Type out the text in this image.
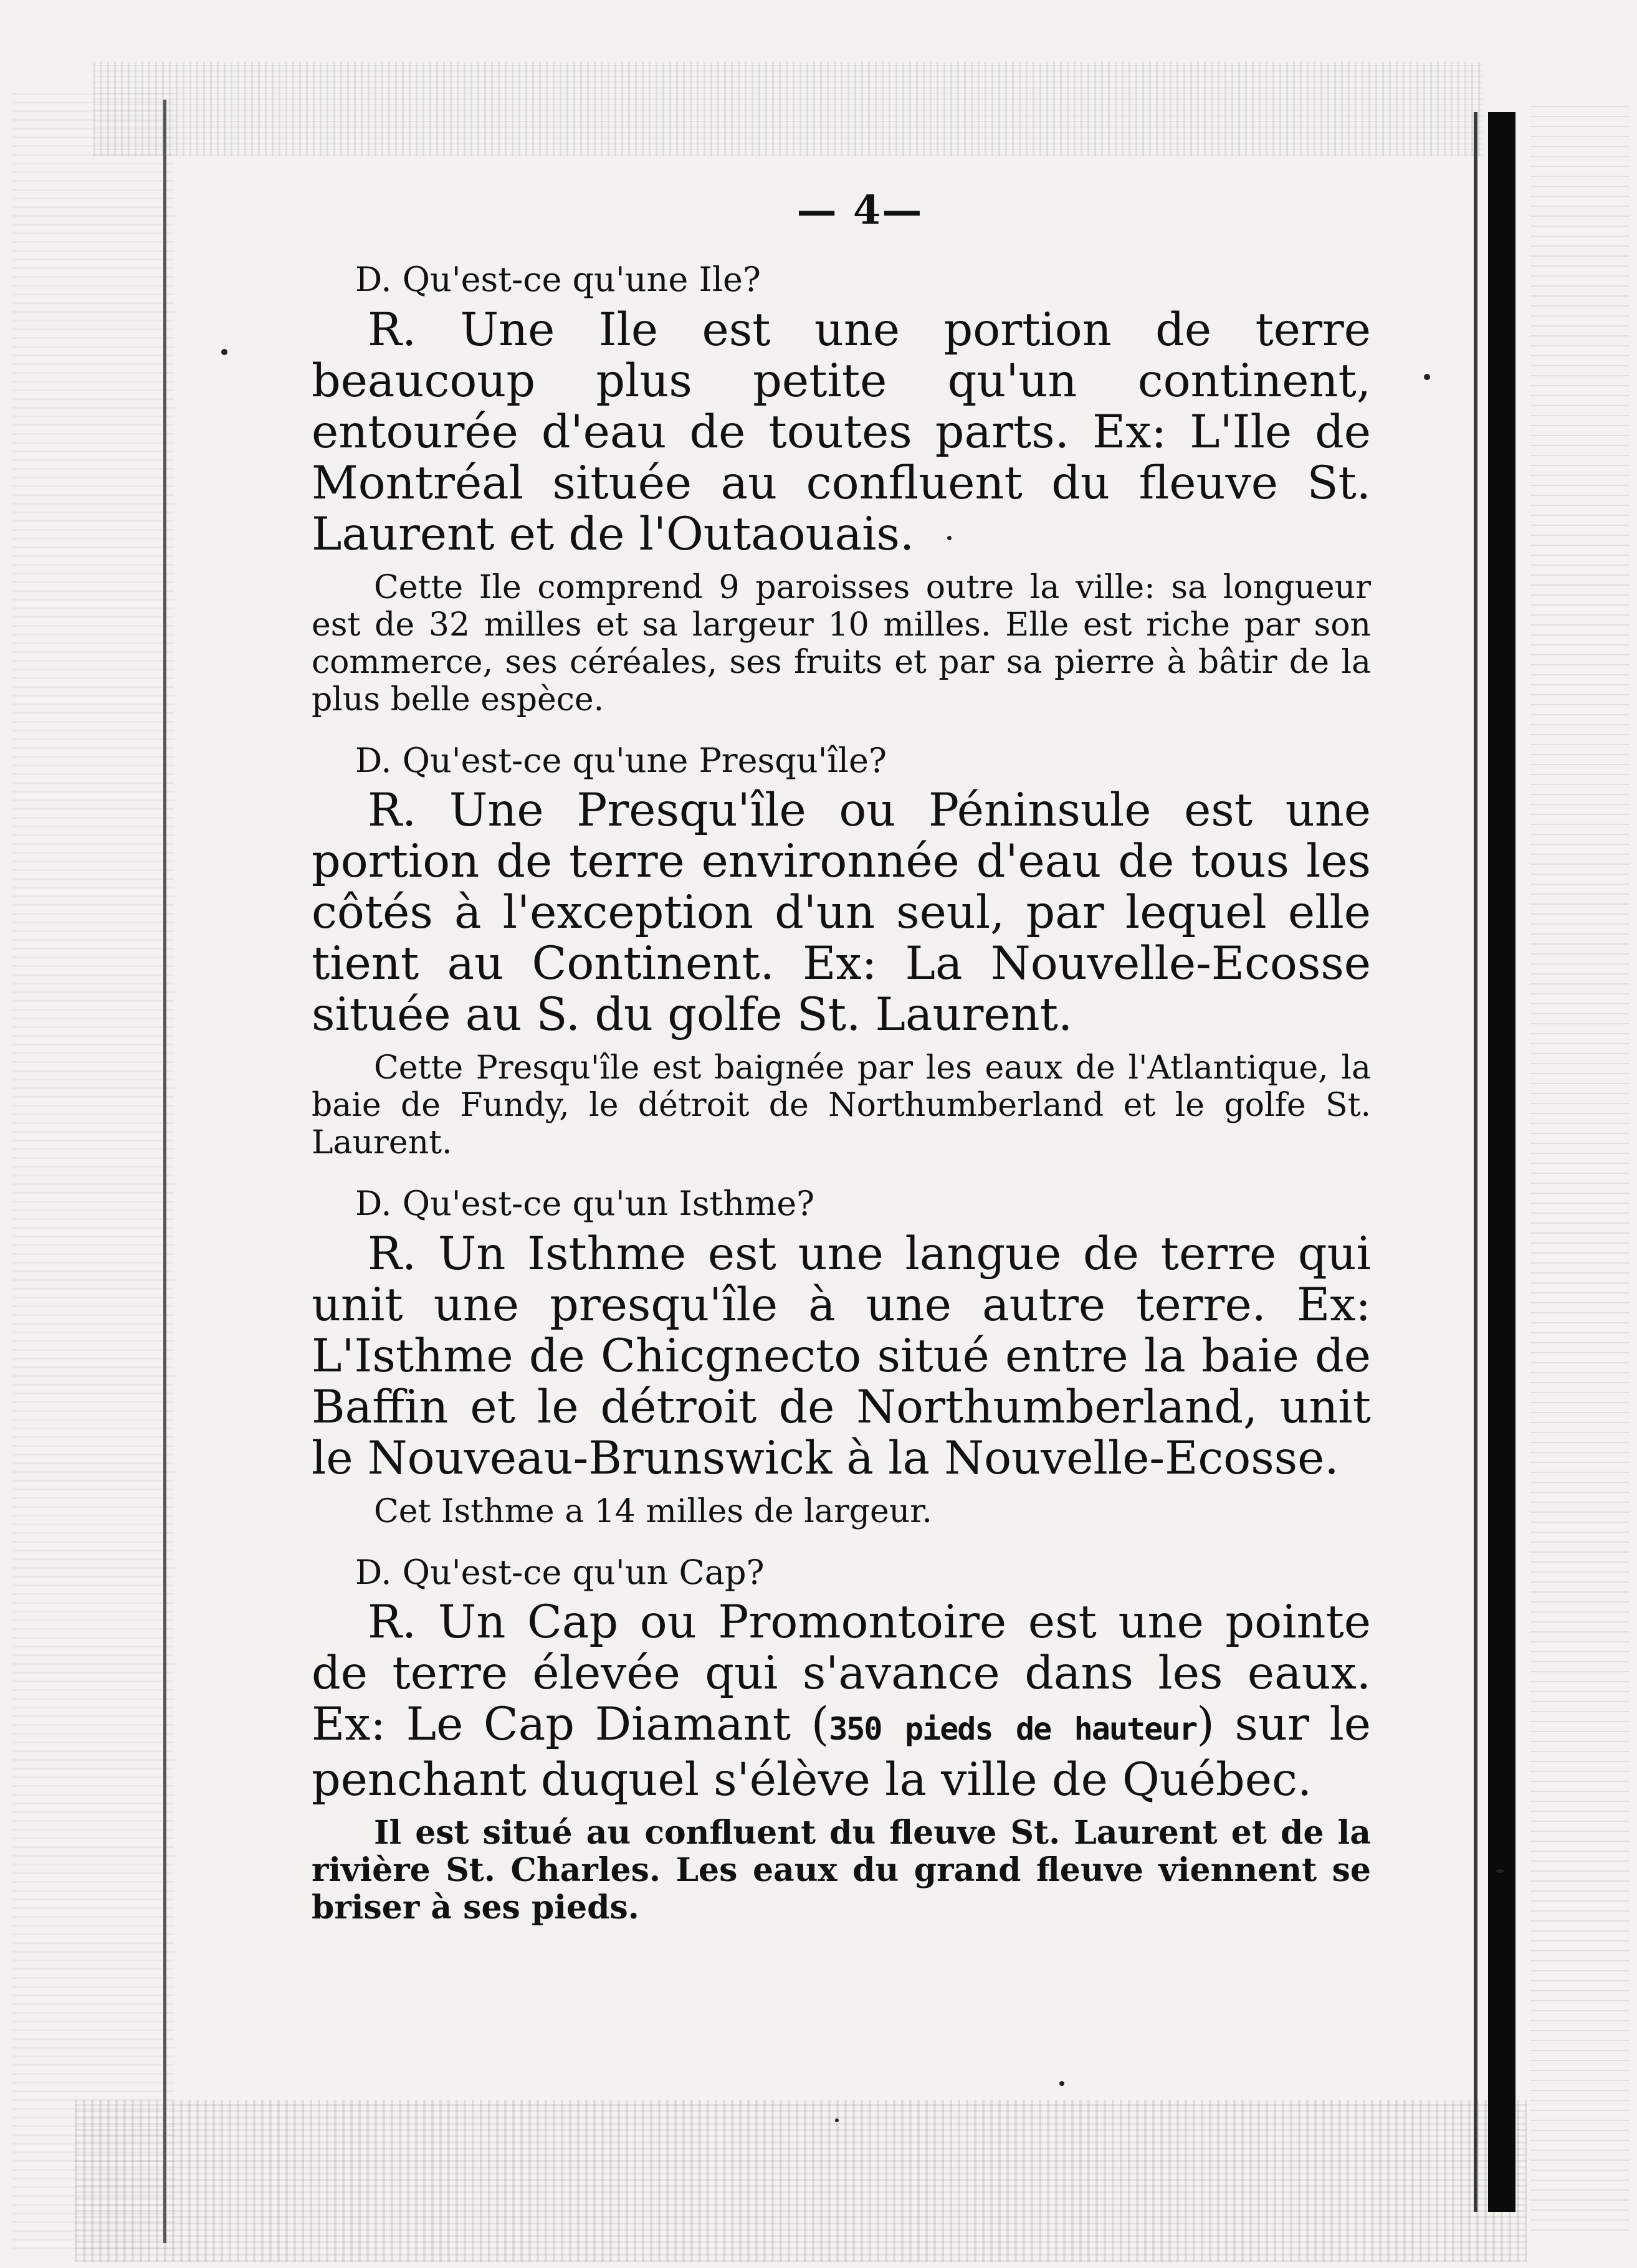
— 4—
D. Qu'est-ce qu'une Ile?

R. Une Ile est une portion de terre beaucoup plus petite qu'un continent, entourée d'eau de toutes parts. Ex: L'Ile de Montréal située au confluent du fleuve St. Laurent et de l'Outaouais.

Cette Ile comprend 9 paroisses outre la ville: sa longueur est de 32 milles et sa largeur 10 milles. Elle est riche par son commerce, ses céréales, ses fruits et par sa pierre à bâtir de la plus belle espèce.

D. Qu'est-ce qu'une Presqu'île?

R. Une Presqu'île ou Péninsule est une portion de terre environnée d'eau de tous les côtés à l'exception d'un seul, par lequel elle tient au Continent. Ex: La Nouvelle-Ecosse située au S. du golfe St. Laurent.

Cette Presqu'île est baignée par les eaux de l'Atlantique, la baie de Fundy, le détroit de Northumberland et le golfe St. Laurent.

D. Qu'est-ce qu'un Isthme?

R. Un Isthme est une langue de terre qui unit une presqu'île à une autre terre. Ex: L'Isthme de Chicgnecto situé entre la baie de Baffin et le détroit de Northumberland, unit le Nouveau-Brunswick à la Nouvelle-Ecosse.

Cet Isthme a 14 milles de largeur.

D. Qu'est-ce qu'un Cap?

R. Un Cap ou Promontoire est une pointe de terre élevée qui s'avance dans les eaux. Ex: Le Cap Diamant (350 pieds de hauteur) sur le penchant duquel s'élève la ville de Québec.

Il est situé au confluent du fleuve St. Laurent et de la rivière St. Charles. Les eaux du grand fleuve viennent se briser à ses pieds.
